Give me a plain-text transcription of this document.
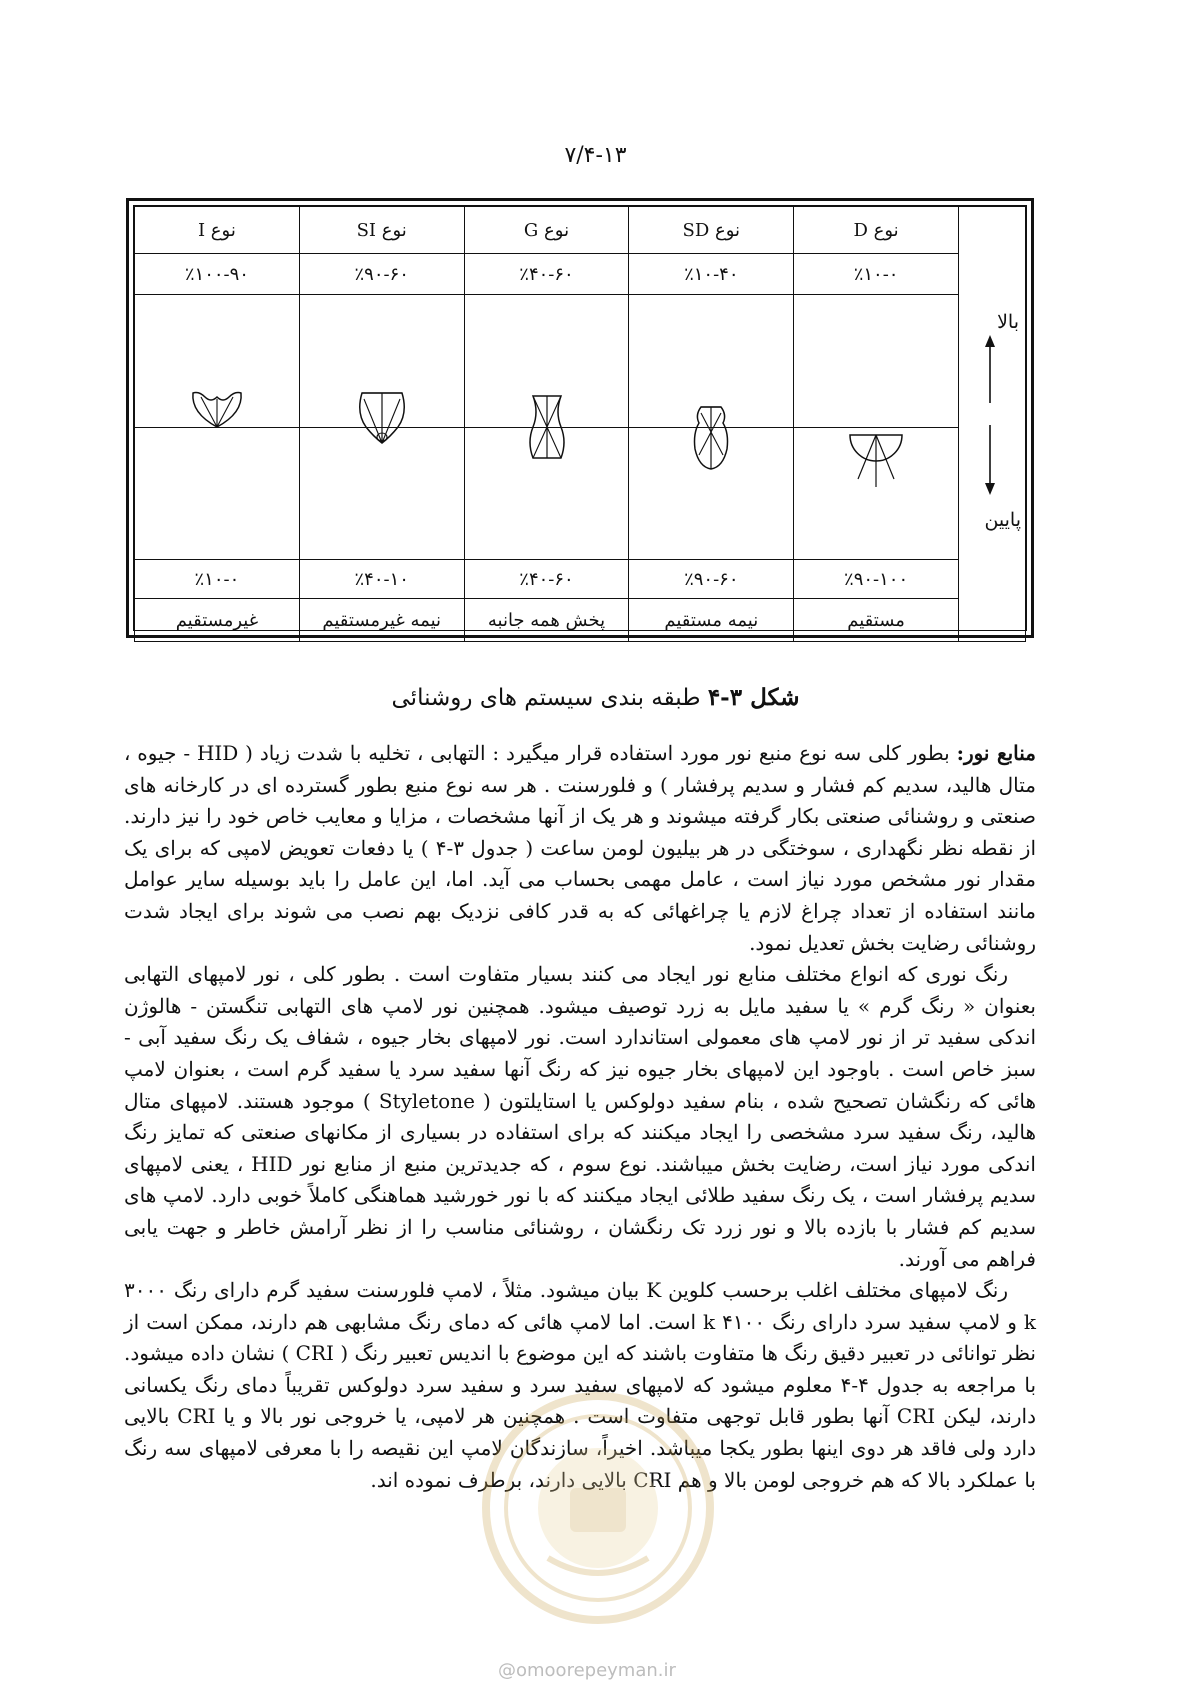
۷/۴-۱۳
بالا
پایین	نوع D	نوع SD	نوع G	نوع SI	نوع I
	٪۱۰-۰	٪۱۰-۴۰	٪۴۰-۶۰	٪۹۰-۶۰	٪۱۰۰-۹۰

	٪۹۰-۱۰۰	٪۹۰-۶۰	٪۴۰-۶۰	٪۴۰-۱۰	٪۱۰-۰
	مستقیم	نیمه مستقیم	پخش همه جانبه	نیمه غیرمستقیم	غیرمستقیم
شکل ۳-۴ طبقه بندی سیستم های روشنائی

منابع نور: بطور کلی سه نوع منبع نور مورد استفاده قرار میگیرد : التهابی ، تخلیه با شدت زیاد ( HID - جیوه ، متال هالید، سدیم کم فشار و سدیم پرفشار ) و فلورسنت . هر سه نوع منبع بطور گسترده ای در کارخانه های صنعتی و روشنائی صنعتی بکار گرفته میشوند و هر یک از آنها مشخصات ، مزایا و معایب خاص خود را نیز دارند. از نقطه نظر نگهداری ، سوختگی در هر بیلیون لومن ساعت ( جدول ۳-۴ ) یا دفعات تعویض لامپی که برای یک مقدار نور مشخص مورد نیاز است ، عامل مهمی بحساب می آید. اما، این عامل را باید بوسیله سایر عوامل مانند استفاده از تعداد چراغ لازم یا چراغهائی که به قدر کافی نزدیک بهم نصب می شوند برای ایجاد شدت روشنائی رضایت بخش تعدیل نمود.

رنگ نوری که انواع مختلف منابع نور ایجاد می کنند بسیار متفاوت است . بطور کلی ، نور لامپهای التهابی بعنوان « رنگ گرم » یا سفید مایل به زرد توصیف میشود. همچنین نور لامپ های التهابی تنگستن - هالوژن اندکی سفید تر از نور لامپ های معمولی استاندارد است. نور لامپهای بخار جیوه ، شفاف یک رنگ سفید آبی - سبز خاص است . باوجود این لامپهای بخار جیوه نیز که رنگ آنها سفید سرد یا سفید گرم است ، بعنوان لامپ هائی که رنگشان تصحیح شده ، بنام سفید دولوکس یا استایلتون ( Styletone ) موجود هستند. لامپهای متال هالید، رنگ سفید سرد مشخصی را ایجاد میکنند که برای استفاده در بسیاری از مکانهای صنعتی که تمایز رنگ اندکی مورد نیاز است، رضایت بخش میباشند. نوع سوم ، که جدیدترین منبع از منابع نور HID ، یعنی لامپهای سدیم پرفشار است ، یک رنگ سفید طلائی ایجاد میکنند که با نور خورشید هماهنگی کاملاً خوبی دارد. لامپ های سدیم کم فشار با بازده بالا و نور زرد تک رنگشان ، روشنائی مناسب را از نظر آرامش خاطر و جهت یابی فراهم می آورند.

رنگ لامپهای مختلف اغلب برحسب کلوین K بیان میشود. مثلاً ، لامپ فلورسنت سفید گرم دارای رنگ ۳۰۰۰ k و لامپ سفید سرد دارای رنگ ۴۱۰۰ k است. اما لامپ هائی که دمای رنگ مشابهی هم دارند، ممکن است از نظر توانائی در تعبیر دقیق رنگ ها متفاوت باشند که این موضوع با اندیس تعبیر رنگ ( CRI ) نشان داده میشود. با مراجعه به جدول ۴-۴ معلوم میشود که لامپهای سفید سرد و سفید سرد دولوکس تقریباً دمای رنگ یکسانی دارند، لیکن CRI آنها بطور قابل توجهی متفاوت است . همچنین هر لامپی، یا خروجی نور بالا و یا CRI بالایی دارد ولی فاقد هر دوی اینها بطور یکجا میباشد. اخیراً، سازندگان لامپ این نقیصه را با معرفی لامپهای سه رنگ با عملکرد بالا که هم خروجی لومن بالا و هم CRI بالایی دارند، برطرف نموده اند.

@omoorepeyman.ir
